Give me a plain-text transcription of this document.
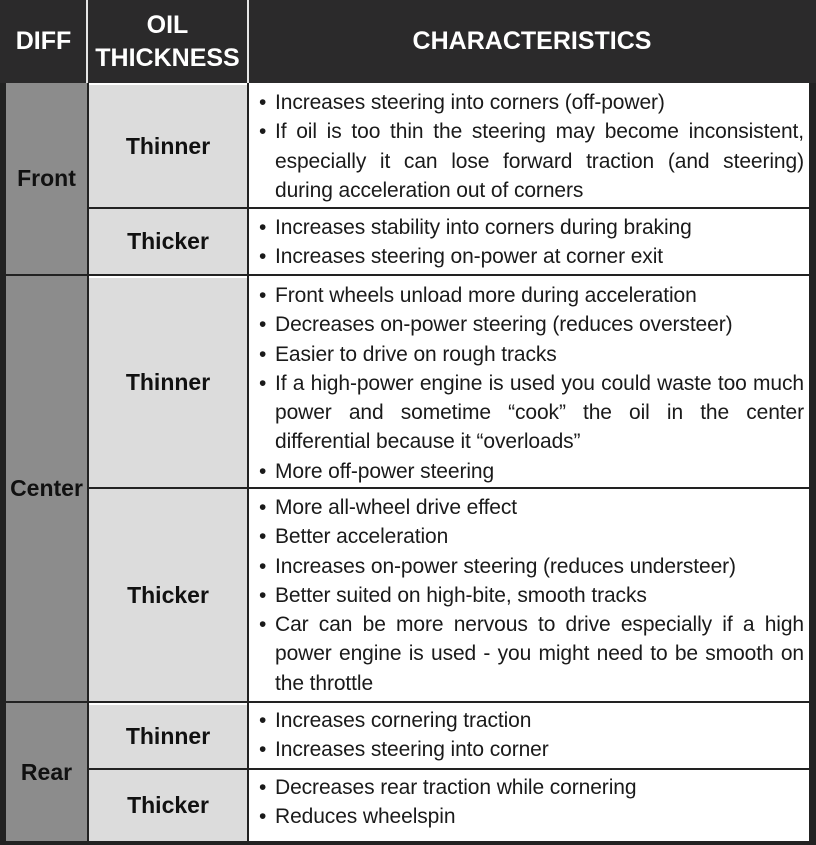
DIFF
OIL
THICKNESS
CHARACTERISTICS
Front
Center
Rear
Thinner
Thicker
Thinner
Thicker
Thinner
Thicker
• Increases steering into corners (off-power)
• If oil is too thin the steering may become inconsistent, especially it can lose forward traction (and steering) during acceleration out of corners
• Increases stability into corners during braking
• Increases steering on-power at corner exit
• Front wheels unload more during acceleration
• Decreases on-power steering (reduces oversteer)
• Easier to drive on rough tracks
• If a high-power engine is used you could waste too much power and sometime “cook” the oil in the center differential because it “overloads”
• More off-power steering
• More all-wheel drive effect
• Better acceleration
• Increases on-power steering (reduces understeer)
• Better suited on high-bite, smooth tracks
• Car can be more nervous to drive especially if a high power engine is used - you might need to be smooth on the throttle
• Increases cornering traction
• Increases steering into corner
• Decreases rear traction while cornering
• Reduces wheelspin
